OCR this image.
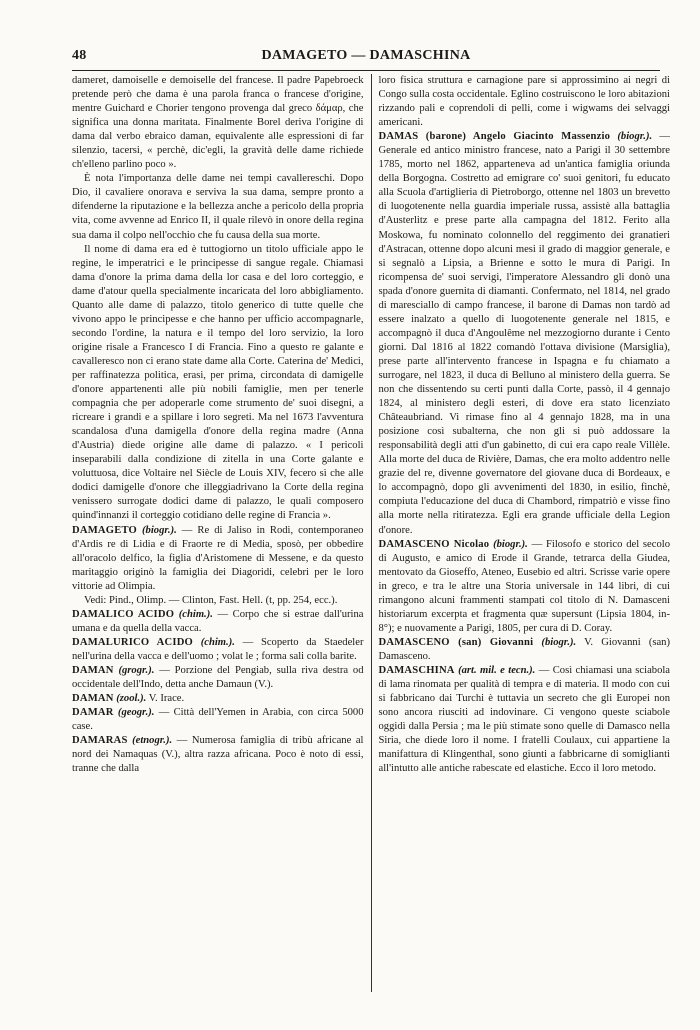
48	DAMAGETO — DAMASCHINA

dameret, damoiselle e demoiselle del francese. Il padre Papebroeck pretende però che dama è una parola franca o francese d'origine, mentre Guichard e Chorier tengono provenga dal greco δάμαρ, che significa una donna maritata. Finalmente Borel deriva l'origine di dama dal verbo ebraico daman, equivalente alle espressioni di far silenzio, tacersi, « perchè, dic'egli, la gravità delle dame richiede ch'elleno parlino poco ».

È nota l'importanza delle dame nei tempi cavallereschi. Dopo Dio, il cavaliere onorava e serviva la sua dama, sempre pronto a difenderne la riputazione e la bellezza anche a pericolo della propria vita, come avvenne ad Enrico II, il quale rilevò in onore della regina sua dama il colpo nell'occhio che fu causa della sua morte.

Il nome di dama era ed è tuttogiorno un titolo ufficiale appo le regine, le imperatrici e le principesse di sangue regale. Chiamasi dama d'onore la prima dama della lor casa e del loro corteggio, e dame d'atour quella specialmente incaricata del loro abbigliamento. Quanto alle dame di palazzo, titolo generico di tutte quelle che vivono appo le principesse e che hanno per ufficio accompagnarle, secondo l'ordine, la natura e il tempo del loro servizio, la loro origine risale a Francesco I di Francia. Fino a questo re galante e cavalleresco non ci erano state dame alla Corte. Caterina de' Medici, per raffinatezza politica, erasi, per prima, circondata di damigelle d'onore appartenenti alle più nobili famiglie, men per tenerle compagnia che per adoperarle come strumento de' suoi disegni, a ricreare i grandi e a spillare i loro segreti. Ma nel 1673 l'avventura scandalosa d'una damigella d'onore della regina madre (Anna d'Austria) diede origine alle dame di palazzo. « I pericoli inseparabili dalla condizione di zitella in una Corte galante e voluttuosa, dice Voltaire nel Siècle de Louis XIV, fecero sì che alle dodici damigelle d'onore che illeggiadrivano la Corte della regina venissero surrogate dodici dame di palazzo, le quali composero quind'innanzi il corteggio cotidiano delle regine di Francia ».

DAMAGETO (biogr.). — Re di Jaliso in Rodi, contemporaneo d'Ardis re di Lidia e di Fraorte re di Media, sposò, per obbedire all'oracolo delfico, la figlia d'Aristomene di Messene, e da questo maritaggio originò la famiglia dei Diagoridi, celebri per le loro vittorie ad Olimpia.

Vedi: Pind., Olimp. — Clinton, Fast. Hell. (t, pp. 254, ecc.).

DAMALICO ACIDO (chim.). — Corpo che si estrae dall'urina umana e da quella della vacca.

DAMALURICO ACIDO (chim.). — Scoperto da Staedeler nell'urina della vacca e dell'uomo ; volat le ; forma sali colla barite.

DAMAN (grogr.). — Porzione del Pengiab, sulla riva destra od occidentale dell'Indo, detta anche Damaun (V.).

DAMAN (zool.). V. Irace.

DAMAR (geogr.). — Città dell'Yemen in Arabia, con circa 5000 case.

DAMARAS (etnogr.). — Numerosa famiglia di tribù africane al nord dei Namaquas (V.), altra razza africana. Poco è noto di essi, tranne che dalla

loro fisica struttura e carnagione pare si approssimino ai negri di Congo sulla costa occidentale. Eglino costruiscono le loro abitazioni rizzando pali e coprendoli di pelli, come i wigwams dei selvaggi americani.

DAMAS (barone) Angelo Giacinto Massenzio (biogr.). — Generale ed antico ministro francese, nato a Parigi il 30 settembre 1785, morto nel 1862, apparteneva ad un'antica famiglia oriunda della Borgogna. Costretto ad emigrare co' suoi genitori, fu educato alla Scuola d'artiglieria di Pietroborgo, ottenne nel 1803 un brevetto di luogotenente nella guardia imperiale russa, assistè alla battaglia d'Austerlitz e prese parte alla campagna del 1812. Ferito alla Moskowa, fu nominato colonnello del reggimento dei granatieri d'Astracan, ottenne dopo alcuni mesi il grado di maggior generale, e si segnalò a Lipsia, a Brienne e sotto le mura di Parigi. In ricompensa de' suoi servigi, l'imperatore Alessandro gli donò una spada d'onore guernita di diamanti. Confermato, nel 1814, nel grado di maresciallo di campo francese, il barone di Damas non tardò ad essere inalzato a quello di luogotenente generale nel 1815, e accompagnò il duca d'Angoulême nel mezzogiorno durante i Cento giorni. Dal 1816 al 1822 comandò l'ottava divisione (Marsiglia), prese parte all'intervento francese in Ispagna e fu chiamato a surrogare, nel 1823, il duca di Belluno al ministero della guerra. Se non che dissentendo su certi punti dalla Corte, passò, il 4 gennajo 1824, al ministero degli esteri, di dove era stato licenziato Châteaubriand. Vi rimase fino al 4 gennajo 1828, ma in una posizione così subalterna, che non gli si può addossare la responsabilità degli atti d'un gabinetto, di cui era capo reale Villèle. Alla morte del duca de Rivière, Damas, che era molto addentro nelle grazie del re, divenne governatore del giovane duca di Bordeaux, e lo accompagnò, dopo gli avvenimenti del 1830, in esilio, finchè, compiuta l'educazione del duca di Chambord, rimpatriò e visse fino alla morte nella ritiratezza. Egli era grande ufficiale della Legion d'onore.

DAMASCENO Nicolao (biogr.). — Filosofo e storico del secolo di Augusto, e amico di Erode il Grande, tetrarca della Giudea, mentovato da Gioseffo, Ateneo, Eusebio ed altri. Scrisse varie opere in greco, e tra le altre una Storia universale in 144 libri, di cui rimangono alcuni frammenti stampati col titolo di N. Damasceni historiarum excerpta et fragmenta quæ supersunt (Lipsia 1804, in-8°); e nuovamente a Parigi, 1805, per cura di D. Coray.

DAMASCENO (san) Giovanni (biogr.). V. Giovanni (san) Damasceno.

DAMASCHINA (art. mil. e tecn.). — Così chiamasi una sciabola di lama rinomata per qualità di tempra e di materia. Il modo con cui si fabbricano dai Turchi è tuttavia un secreto che gli Europei non sono ancora riusciti ad indovinare. Ci vengono queste sciabole oggidì dalla Persia ; ma le più stimate sono quelle di Damasco nella Siria, che diede loro il nome. I fratelli Coulaux, cui appartiene la manifattura di Klingenthal, sono giunti a fabbricarne di somiglianti all'intutto alle antiche rabescate ed elastiche. Ecco il loro metodo.
